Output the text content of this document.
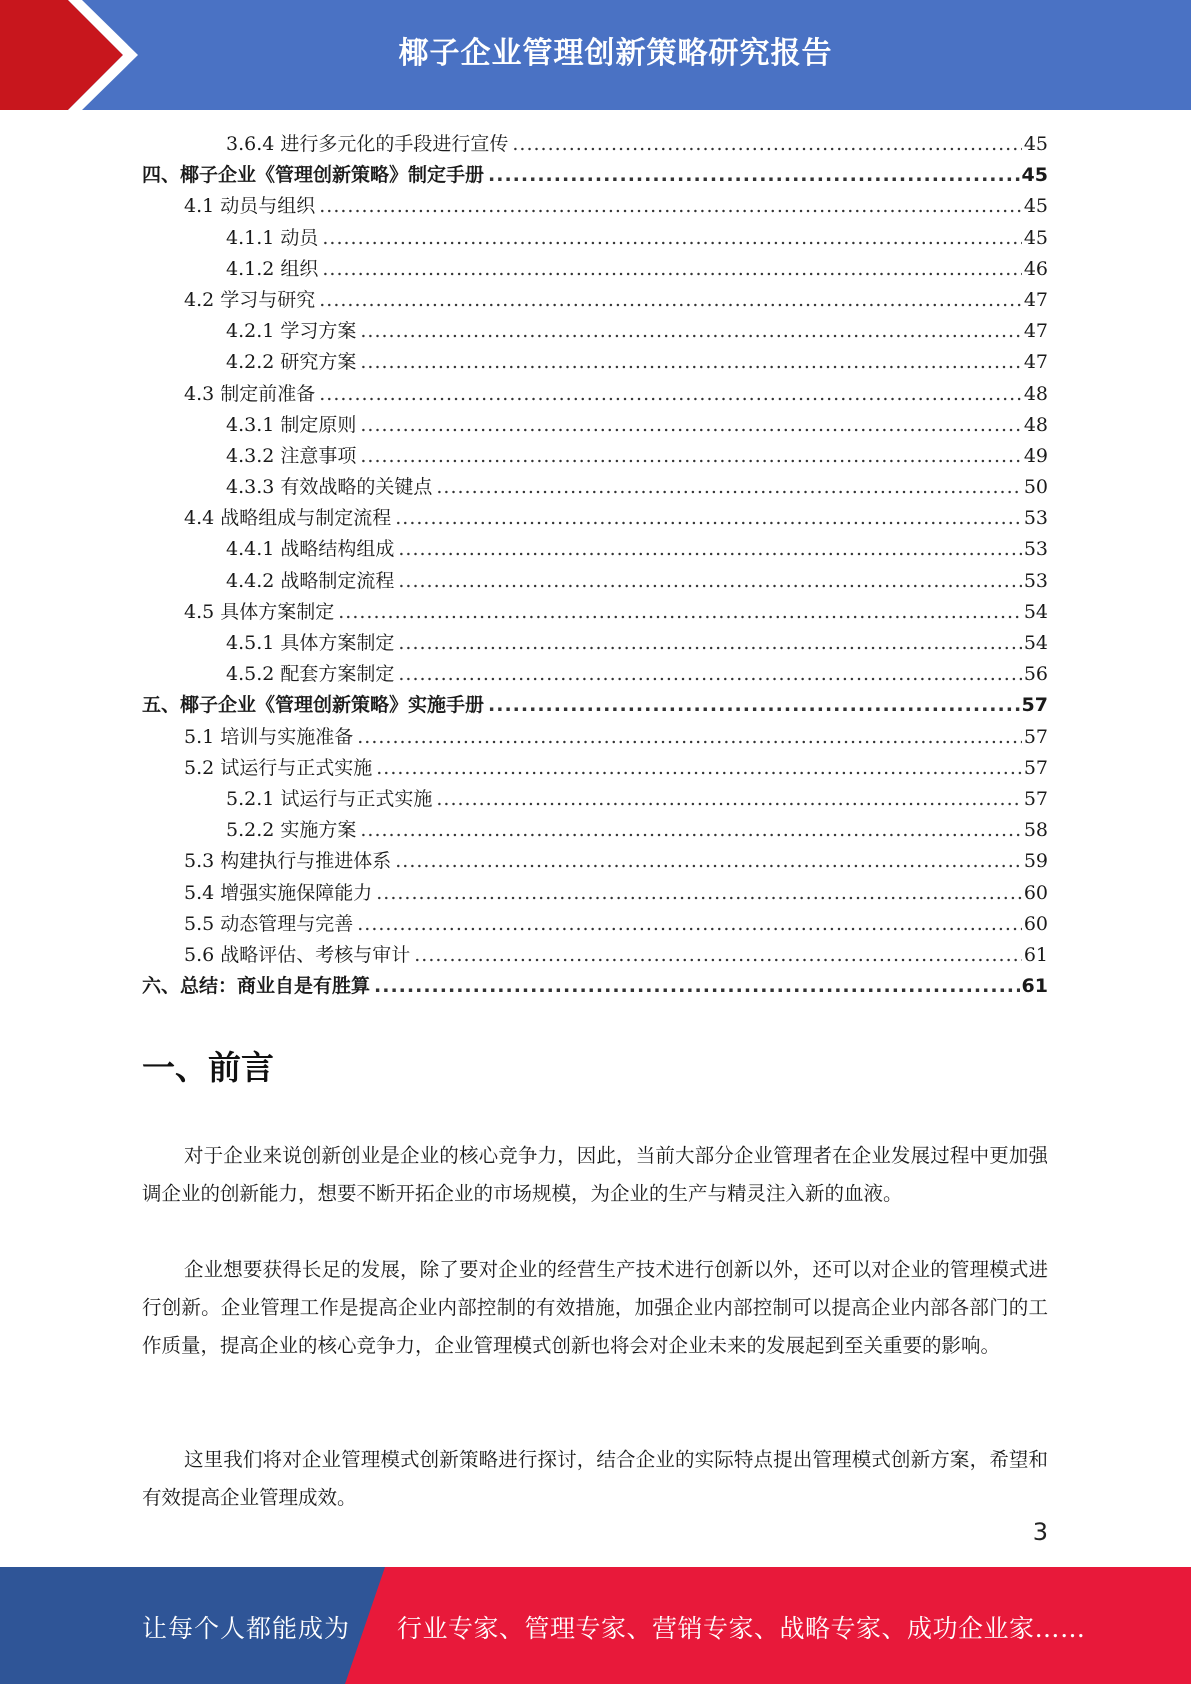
椰子企业管理创新策略研究报告
3.6.4 进行多元化的手段进行宣传 .....	45
四、椰子企业《管理创新策略》制定手册 .....	45
4.1 动员与组织 .....	45
4.1.1 动员 .....	45
4.1.2 组织 .....	46
4.2 学习与研究 .....	47
4.2.1 学习方案 .....	47
4.2.2 研究方案 .....	47
4.3 制定前准备 .....	48
4.3.1 制定原则 .....	48
4.3.2 注意事项 .....	49
4.3.3 有效战略的关键点 .....	50
4.4 战略组成与制定流程 .....	53
4.4.1 战略结构组成 .....	53
4.4.2 战略制定流程 .....	53
4.5 具体方案制定 .....	54
4.5.1 具体方案制定 .....	54
4.5.2 配套方案制定 .....	56
五、椰子企业《管理创新策略》实施手册 .....	57
5.1 培训与实施准备 .....	57
5.2 试运行与正式实施 .....	57
5.2.1 试运行与正式实施 .....	57
5.2.2 实施方案 .....	58
5.3 构建执行与推进体系 .....	59
5.4 增强实施保障能力 .....	60
5.5 动态管理与完善 .....	60
5.6 战略评估、考核与审计 .....	61
六、总结：商业自是有胜算 .....	61
一、前言

对于企业来说创新创业是企业的核心竞争力，因此，当前大部分企业管理者在企业发展过程中更加强调企业的创新能力，想要不断开拓企业的市场规模，为企业的生产与精灵注入新的血液。

企业想要获得长足的发展，除了要对企业的经营生产技术进行创新以外，还可以对企业的管理模式进行创新。企业管理工作是提高企业内部控制的有效措施，加强企业内部控制可以提高企业内部各部门的工作质量，提高企业的核心竞争力，企业管理模式创新也将会对企业未来的发展起到至关重要的影响。

这里我们将对企业管理模式创新策略进行探讨，结合企业的实际特点提出管理模式创新方案，希望和有效提高企业管理成效。

3
让每个人都能成为 行业专家、管理专家、营销专家、战略专家、成功企业家……
